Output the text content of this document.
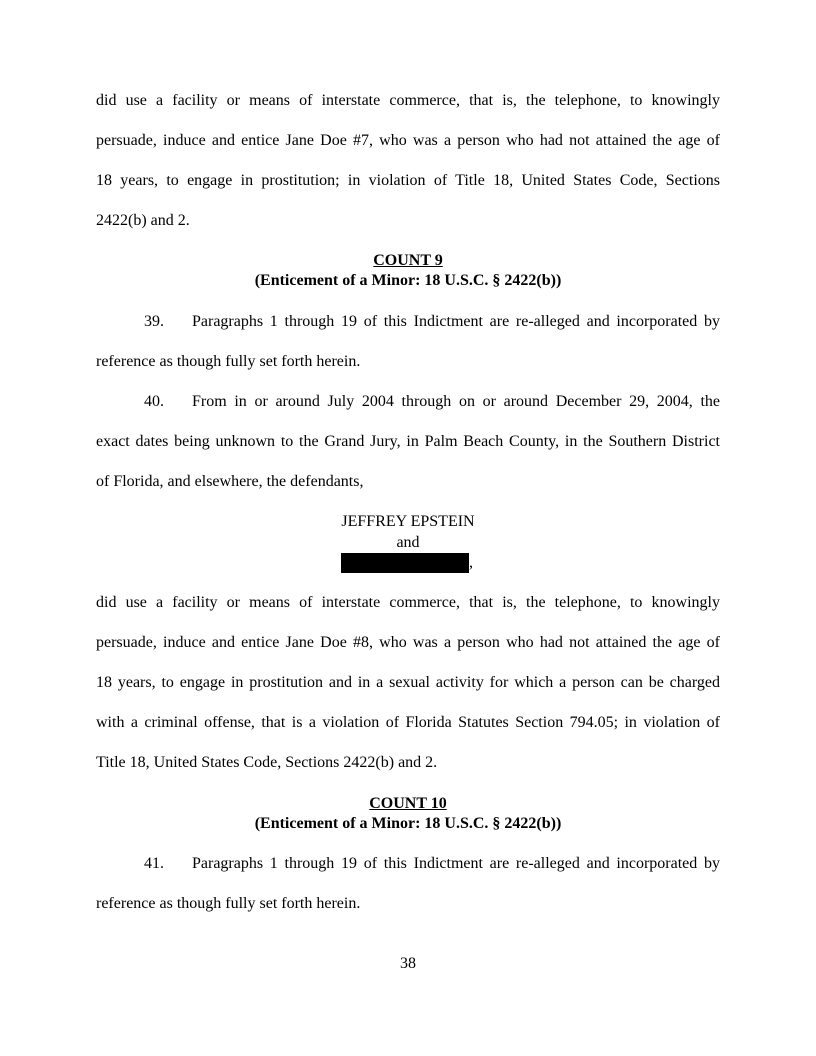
did use a facility or means of interstate commerce, that is, the telephone, to knowingly
persuade, induce and entice Jane Doe #7, who was a person who had not attained the age of
18 years, to engage in prostitution; in violation of Title 18, United States Code, Sections
2422(b) and 2.
COUNT 9
(Enticement of a Minor: 18 U.S.C. § 2422(b))
39.	Paragraphs 1 through 19 of this Indictment are re-alleged and incorporated by
reference as though fully set forth herein.
40.	From in or around July 2004 through on or around December 29, 2004, the
exact dates being unknown to the Grand Jury, in Palm Beach County, in the Southern District
of Florida, and elsewhere, the defendants,
JEFFREY EPSTEIN
and
,
did use a facility or means of interstate commerce, that is, the telephone, to knowingly
persuade, induce and entice Jane Doe #8, who was a person who had not attained the age of
18 years, to engage in prostitution and in a sexual activity for which a person can be charged
with a criminal offense, that is a violation of Florida Statutes Section 794.05; in violation of
Title 18, United States Code, Sections 2422(b) and 2.
COUNT 10
(Enticement of a Minor: 18 U.S.C. § 2422(b))
41.	Paragraphs 1 through 19 of this Indictment are re-alleged and incorporated by
reference as though fully set forth herein.
38
